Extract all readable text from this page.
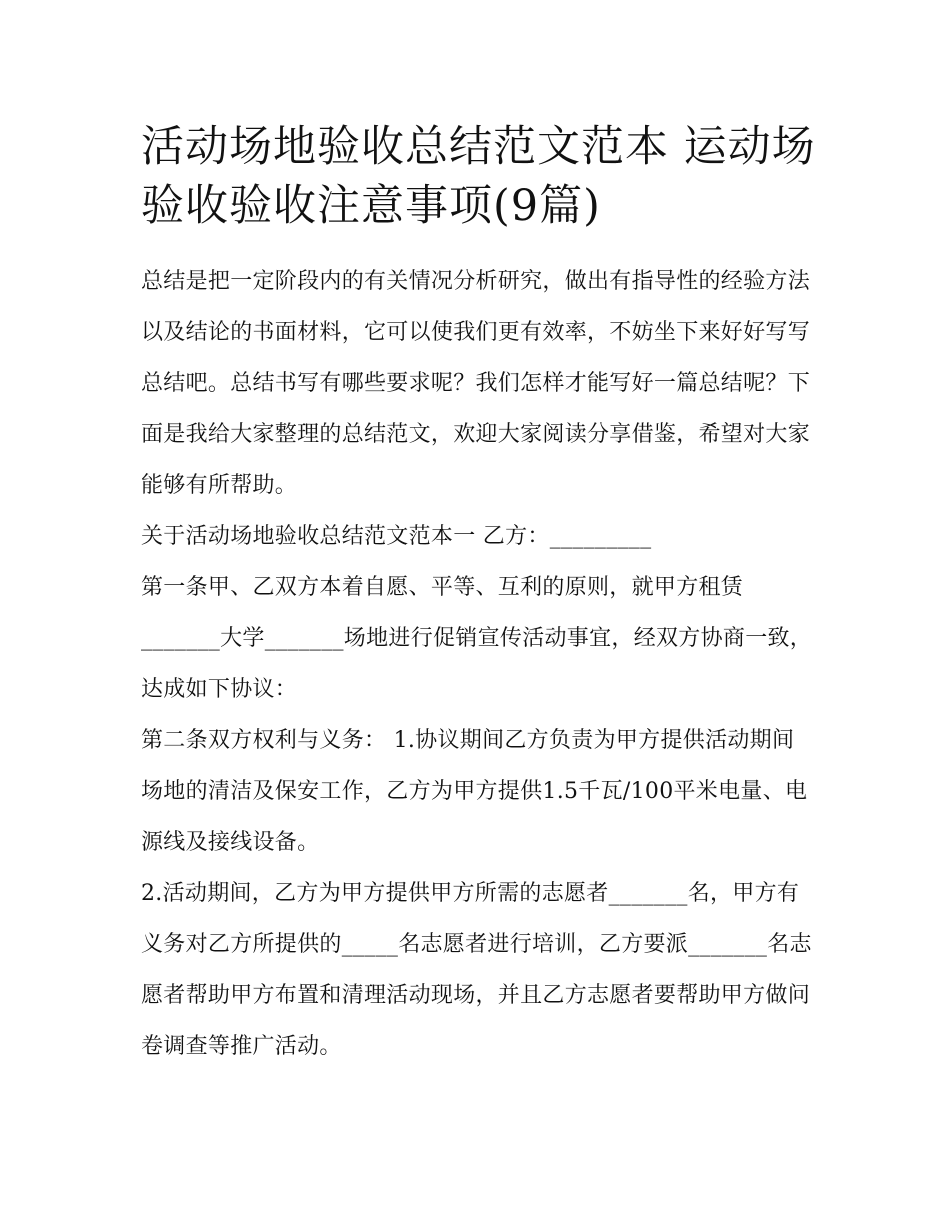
活动场地验收总结范文范本 运动场验收验收注意事项(9篇)

总结是把一定阶段内的有关情况分析研究，做出有指导性的经验方法以及结论的书面材料，它可以使我们更有效率，不妨坐下来好好写写总结吧。总结书写有哪些要求呢？我们怎样才能写好一篇总结呢？下面是我给大家整理的总结范文，欢迎大家阅读分享借鉴，希望对大家能够有所帮助。

关于活动场地验收总结范文范本一 乙方：_________

第一条甲、乙双方本着自愿、平等、互利的原则，就甲方租赁_______大学_______场地进行促销宣传活动事宜，经双方协商一致，达成如下协议：

第二条双方权利与义务： 1.协议期间乙方负责为甲方提供活动期间场地的清洁及保安工作，乙方为甲方提供1.5千瓦/100平米电量、电源线及接线设备。

2.活动期间，乙方为甲方提供甲方所需的志愿者_______名，甲方有义务对乙方所提供的_____名志愿者进行培训，乙方要派_______名志愿者帮助甲方布置和清理活动现场，并且乙方志愿者要帮助甲方做问卷调查等推广活动。
